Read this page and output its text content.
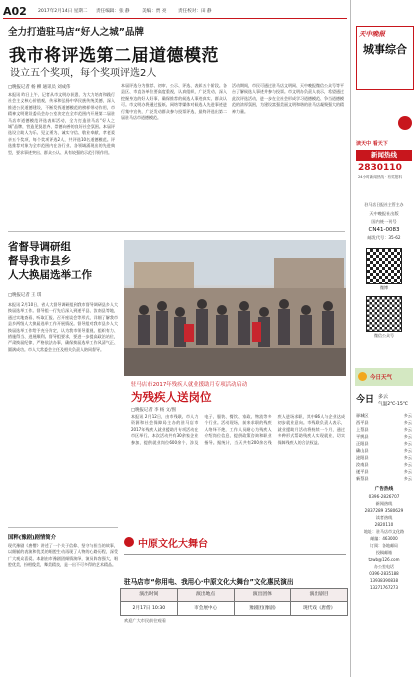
A02 2017年2月14日 星期二 责任编辑：张 静	美编：贾 亮	责任校对：田 静
全力打造驻马店“好人之城”品牌
我市将评选第二届道德模范
设立五个奖项，每个奖项评选2人
□晚报记者 杨 柳 通讯员 刘成伟
本报讯 昨日上午，记者从市文明办获悉，为大力培育和践行社会主义核心价值观，传承和弘扬中华民族传统美德，深入推进公民道德建设，不断发挥道德模范的榜样带动作用，市精神文明建设委员会办公室决定在全市范围内开展第二届驻马店市道德模范评选表彰活动，全力打造驻马店“好人之城”品牌，营造见贤思齐、崇德向善的良好社会氛围。本届评选设立助人为乐、见义勇为、诚实守信、敬业奉献、孝老爱亲五个奖项，每个奖项评选2人，共评选10名道德模范。评选推荐对象为全市范围内在各行业、各领域涌现出的先进典型，要求事迹突出、群众公认、具有较强的示范引领作用。
本届评选分为推荐、初审、公示、评选、表彰五个阶段。各县区、市直各单位要高度重视，认真组织，广泛发动，深入挖掘身边的好人好事，确保推荐的候选人事迹真实、群众认可。市文明办将通过报纸、网络等媒体对候选人先进事迹进行集中宣传，广泛发动群众参与投票评选，最终评选出第二届驻马店市道德模范。
活动期间，市民可通过驻马店文明网、天中晚报微信公众号等平台了解候选人事迹并参与投票。市文明办负责人表示，希望通过此次评选活动，进一步在全社会形成学习道德模范、争当道德模范的浓厚氛围，为建设富强美丽文明和谐的驻马店凝聚强大的精神力量。
省督导调研组
督导我市县乡
人大换届选举工作
□晚报记者 王 琪
本报讯 2月10日，省人大督导调研组到我市督导调研县乡人大换届选举工作。督导组一行先后深入到遂平县、汝南县等地，通过实地查看、听取汇报、召开座谈会等形式，详细了解我市县乡两级人大换届选举工作开展情况。督导组对我市县乡人大换届选举工作给予充分肯定，认为我市领导重视、组织有力、措施得当、进展顺利。督导组要求，要进一步提高政治站位，严肃换届纪律，严格依法办事，确保换届选举工作风清气正、圆满成功。市人大常委会主任及相关负责人陪同督导。
驻马店市2017年残疾人就业援助月专项活动启动
为残疾人送岗位
□晚报记者 李 杨 文/图
本报讯 2月12日，由市残联、市人力资源和社会保障局主办的驻马店市2017年残疾人就业援助月专项活动在市区举行。本次活动共有30余家企业参加，提供就业岗位600余个，涉及电子、服装、餐饮、家政、物流等多个行业。活动现场，前来求职的残疾人络绎不绝，工作人员耐心为残疾人介绍岗位信息、提供政策咨询和职业指导。据统计，当天共有200余名残疾人进场求职，其中86人与企业达成初步就业意向。市残联负责人表示，就业援助月活动将持续一个月，通过多种形式帮助残疾人实现就业，切实保障残疾人的合法权益。
中原文化大舞台
驻马店市“你用电、我用心·中原文化大舞台”文化惠民演出
演出时间	演出地点	演出团体	演出剧目
2月17日 10:30	市会展中心	豫剧团(豫剧)	现代戏《唐僧》
欢迎广大市民前往观看
国粹(豫剧)剧情简介
现代豫剧《唐僧》讲述了一个关于信仰、坚守与担当的故事，以细腻的表演和优美的唱腔生动再现了人物的心路历程，深受广大观众喜爱。本剧由市豫剧团倾情演绎，演员阵容强大，唱腔优美，扮相俊美，舞美精良，是一出不可多得的艺术精品。
天中晚报
城事综合
读天中 看天下
新闻热线
2830110
24小时新闻热线 · 有奖报料
驻马店日报社主管主办
天中晚报社出版
国内统一刊号
CN41-0083
邮发代号：35-62
微博
微信公众号
今日天气
今日 多云
气温2℃-15℃
驿城区	多云
西平县	多云
上蔡县	多云
平舆县	多云
正阳县	多云
确山县	多云
泌阳县	多云
汝南县	多云
遂平县	多云
新蔡县	多云
广告热线
0396-2826707
新闻热线
2837289 3580629
读者热线
2820110
地址：驻马店市文化路
邮编：463000
订阅：各地邮局
投稿邮箱
tzwb@126.com
办公室电话
0396-2835188
13938390838
13271767273
